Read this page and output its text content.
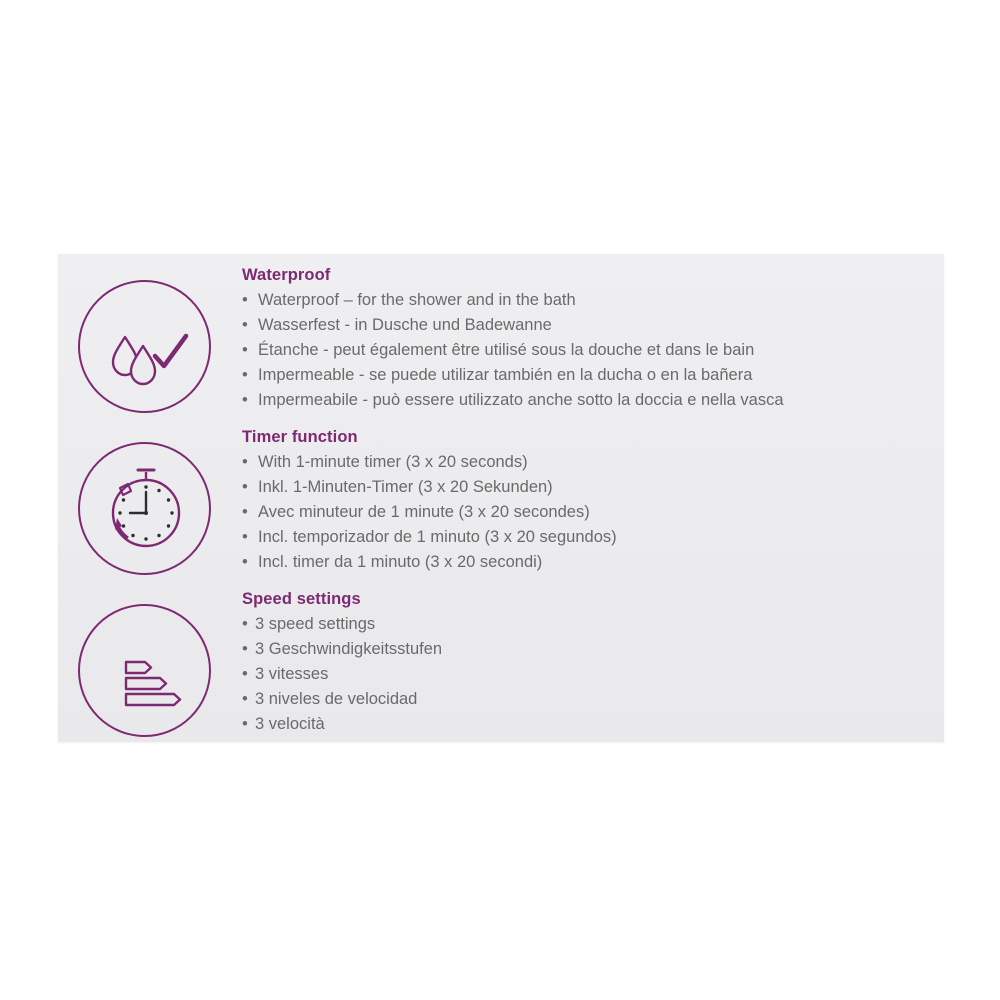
Waterproof
• Waterproof – for the shower and in the bath
• Wasserfest - in Dusche und Badewanne
• Étanche - peut également être utilisé sous la douche et dans le bain
• Impermeable - se puede utilizar también en la ducha o en la bañera
• Impermeabile - può essere utilizzato anche sotto la doccia e nella vasca
Timer function
• With 1-minute timer (3 x 20 seconds)
• Inkl. 1-Minuten-Timer (3 x 20 Sekunden)
• Avec minuteur de 1 minute (3 x 20 secondes)
• Incl. temporizador de 1 minuto (3 x 20 segundos)
• Incl. timer da 1 minuto (3 x 20 secondi)
Speed settings
• 3 speed settings
• 3 Geschwindigkeitsstufen
• 3 vitesses
• 3 niveles de velocidad
• 3 velocità
